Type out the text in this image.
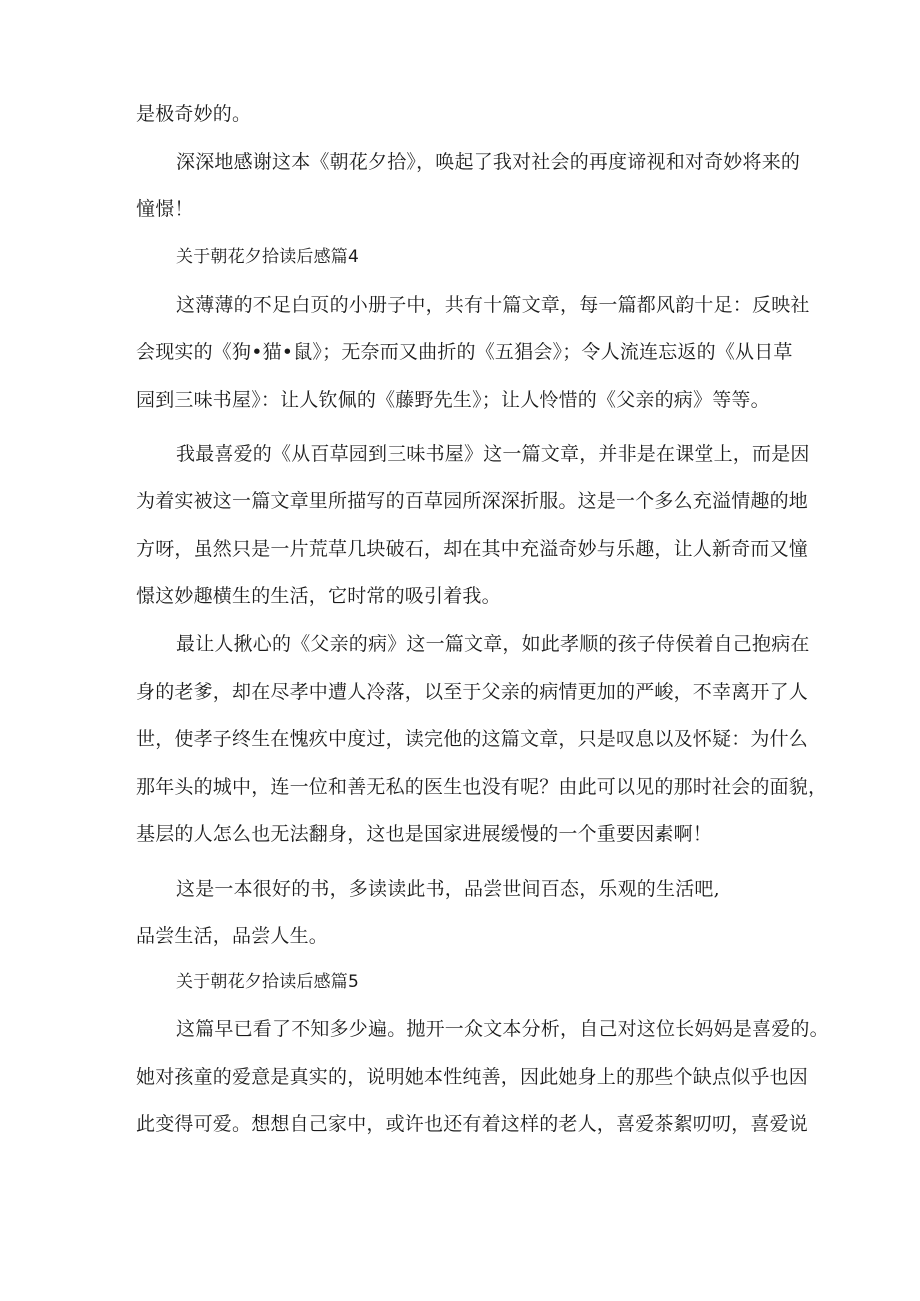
是极奇妙的。
深深地感谢这本《朝花夕拾》，唤起了我对社会的再度谛视和对奇妙将来的
憧憬！
关于朝花夕拾读后感篇4
这薄薄的不足白页的小册子中，共有十篇文章，每一篇都风韵十足：反映社
会现实的《狗•猫•鼠》；无奈而又曲折的《五猖会》；令人流连忘返的《从日草
园到三味书屋》：让人钦佩的《藤野先生》；让人怜惜的《父亲的病》等等。
我最喜爱的《从百草园到三味书屋》这一篇文章，并非是在课堂上，而是因
为着实被这一篇文章里所描写的百草园所深深折服。这是一个多么充溢情趣的地
方呀，虽然只是一片荒草几块破石，却在其中充溢奇妙与乐趣，让人新奇而又憧
憬这妙趣横生的生活，它时常的吸引着我。
最让人揪心的《父亲的病》这一篇文章，如此孝顺的孩子侍侯着自己抱病在
身的老爹，却在尽孝中遭人冷落，以至于父亲的病情更加的严峻，不幸离开了人
世，使孝子终生在愧疚中度过，读完他的这篇文章，只是叹息以及怀疑：为什么
那年头的城中，连一位和善无私的医生也没有呢？由此可以见的那时社会的面貌，
基层的人怎么也无法翻身，这也是国家进展缓慢的一个重要因素啊！
这是一本很好的书，多读读此书，品尝世间百态，乐观的生活吧,
品尝生活，品尝人生。
关于朝花夕拾读后感篇5
这篇早已看了不知多少遍。抛开一众文本分析，自己对这位长妈妈是喜爱的。
她对孩童的爱意是真实的，说明她本性纯善，因此她身上的那些个缺点似乎也因
此变得可爱。想想自己家中，或许也还有着这样的老人，喜爱茶絮叨叨，喜爱说
